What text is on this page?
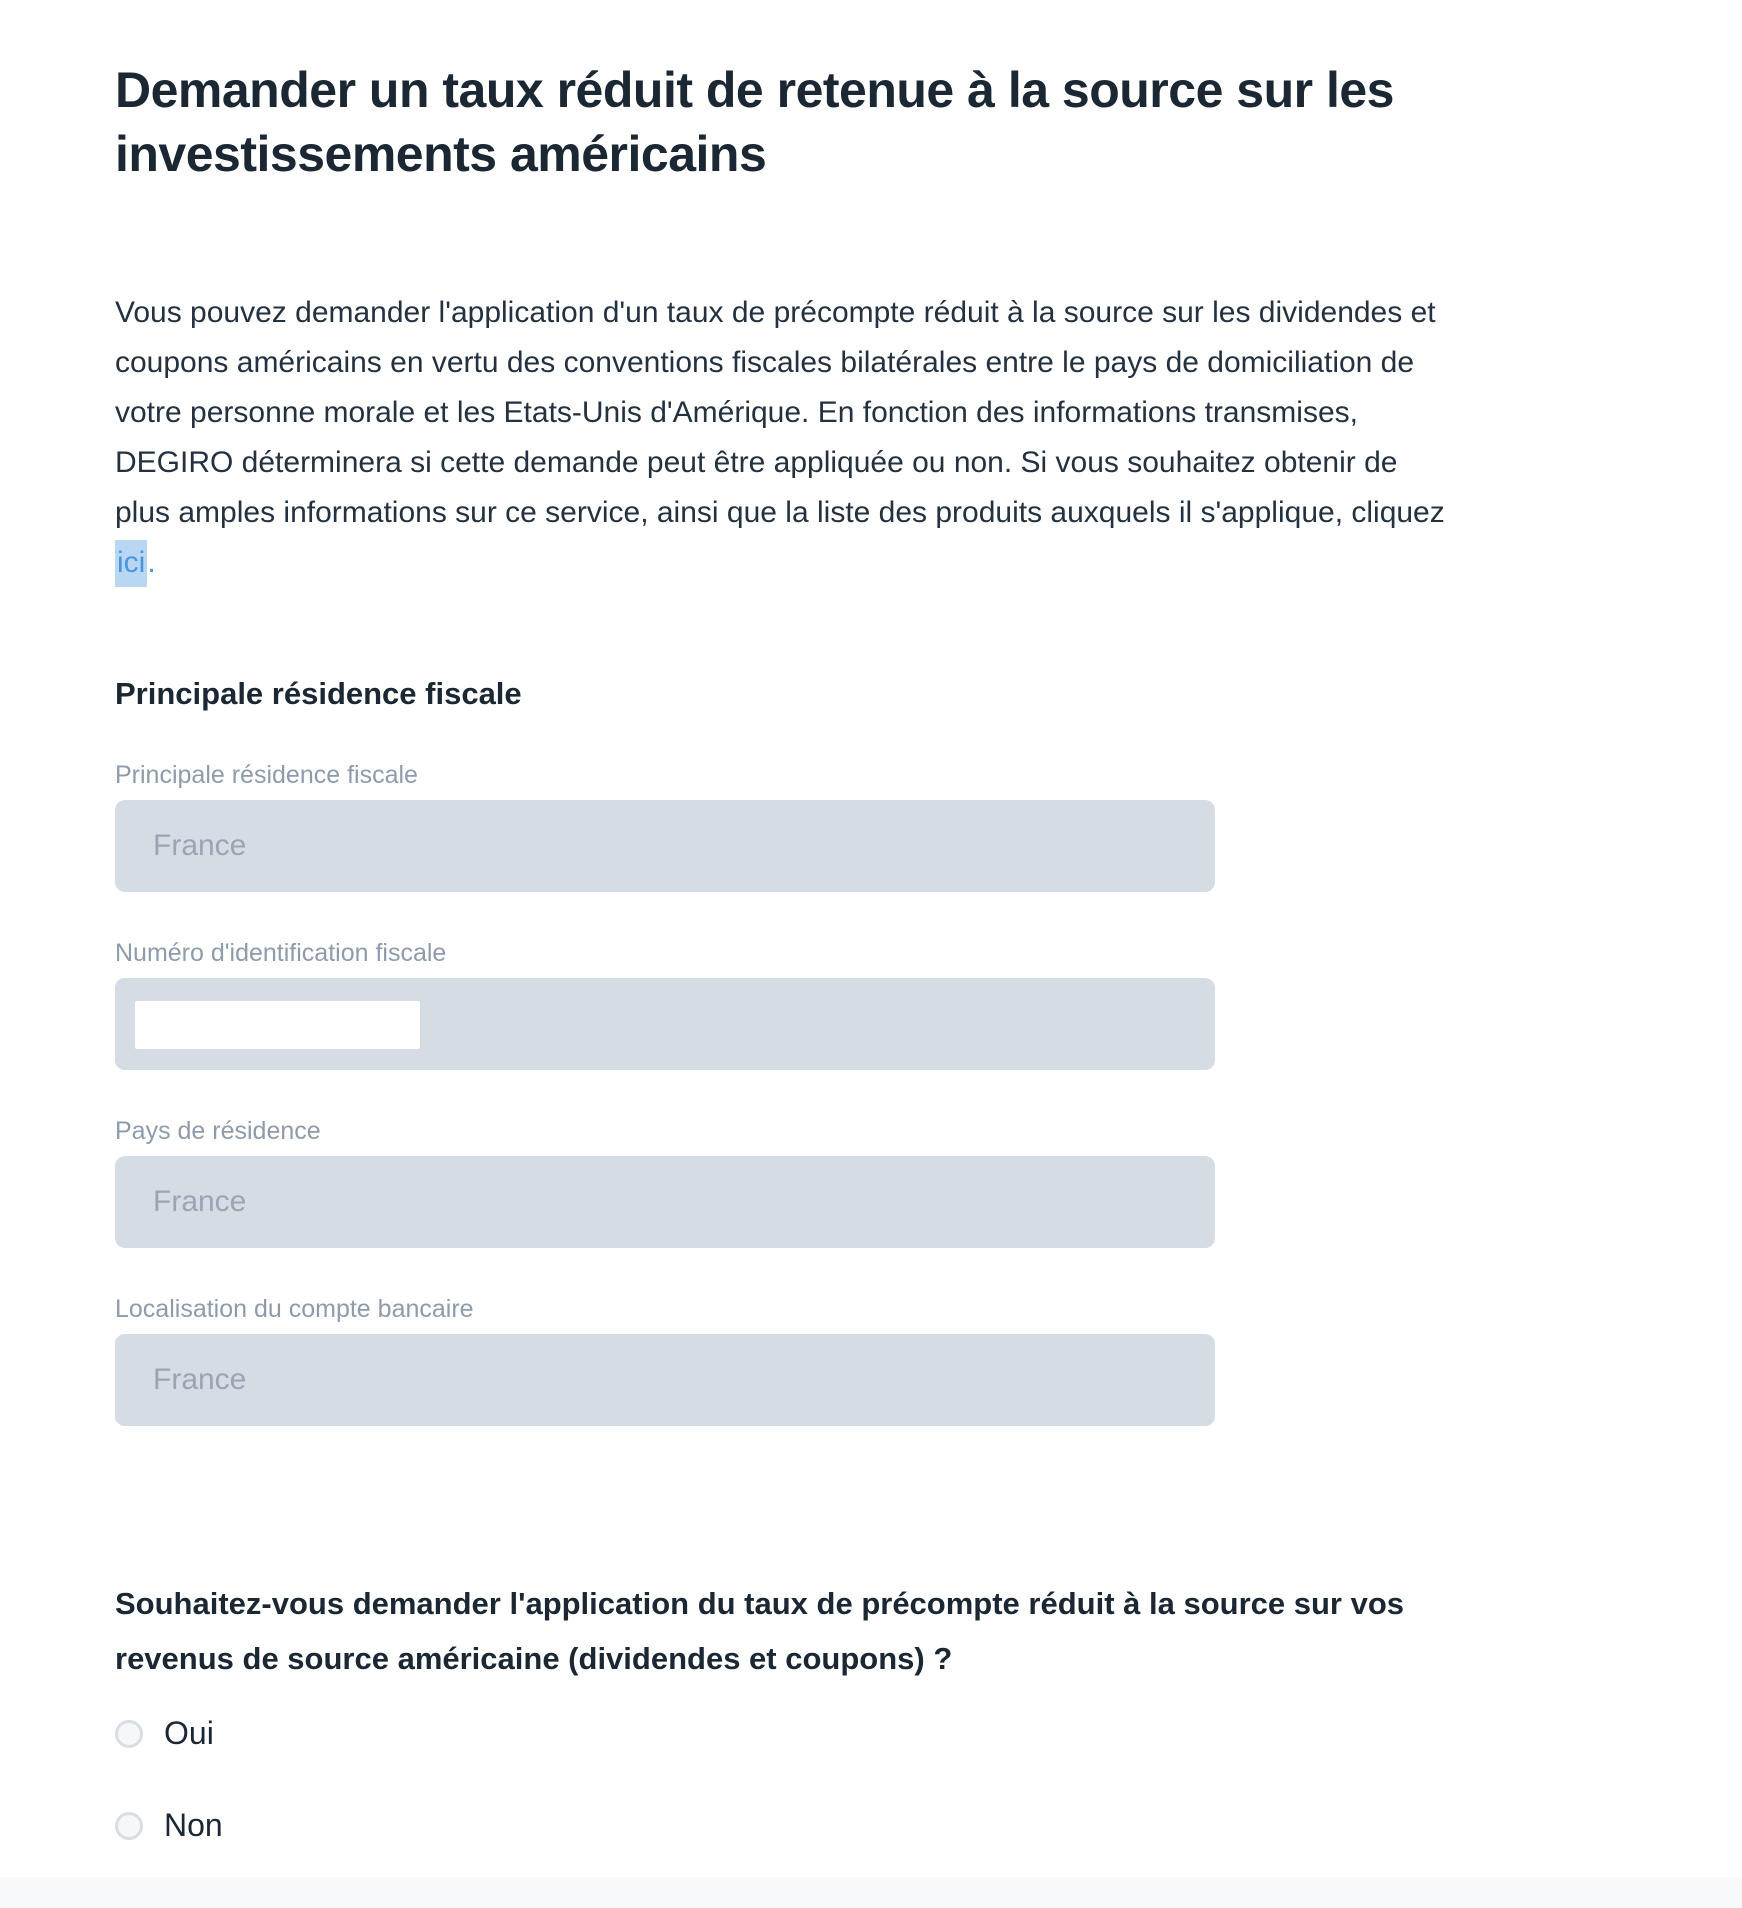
Demander un taux réduit de retenue à la source sur les
investissements américains
Vous pouvez demander l'application d'un taux de précompte réduit à la source sur les dividendes et
coupons américains en vertu des conventions fiscales bilatérales entre le pays de domiciliation de
votre personne morale et les Etats-Unis d'Amérique. En fonction des informations transmises,
DEGIRO déterminera si cette demande peut être appliquée ou non. Si vous souhaitez obtenir de
plus amples informations sur ce service, ainsi que la liste des produits auxquels il s'applique, cliquez
ici.
Principale résidence fiscale
Principale résidence fiscale
France
Numéro d'identification fiscale
Pays de résidence
France
Localisation du compte bancaire
France
Souhaitez-vous demander l'application du taux de précompte réduit à la source sur vos
revenus de source américaine (dividendes et coupons) ?
Oui
Non
